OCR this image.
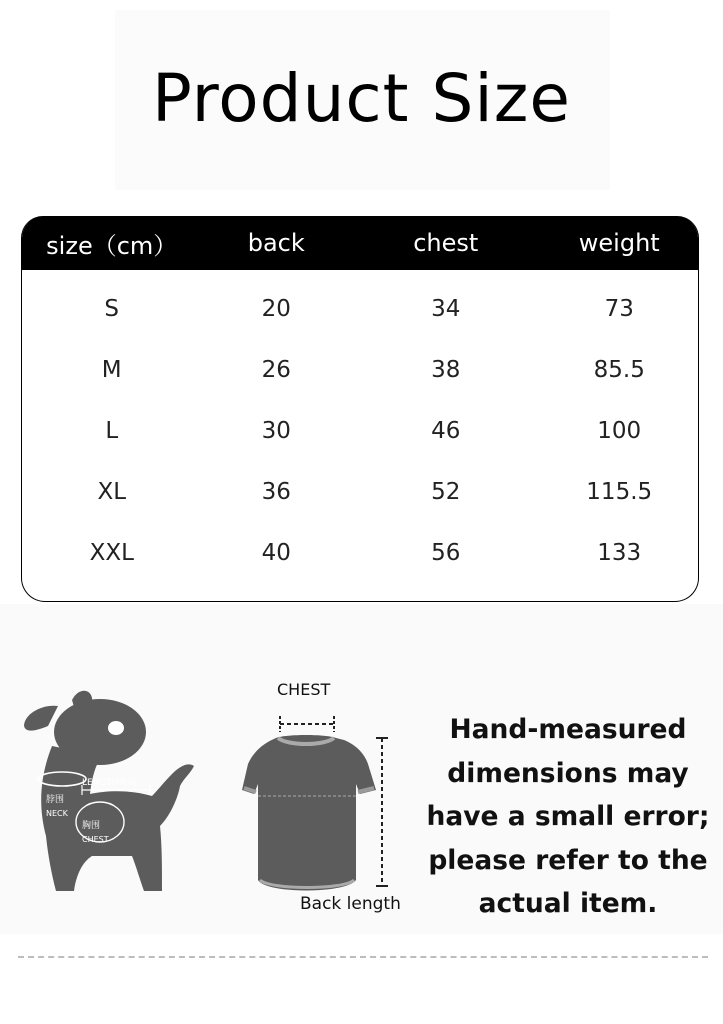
Product Size
size（cm）	back	chest	weight
S	20	34	73
M	26	38	85.5
L	30	46	100
XL	36	52	115.5
XXL	40	56	133
LENGTH背长
脖围
NECK
胸围
CHEST
CHEST
Back length
Hand-measured
dimensions may
have a small error;
please refer to the
actual item.
